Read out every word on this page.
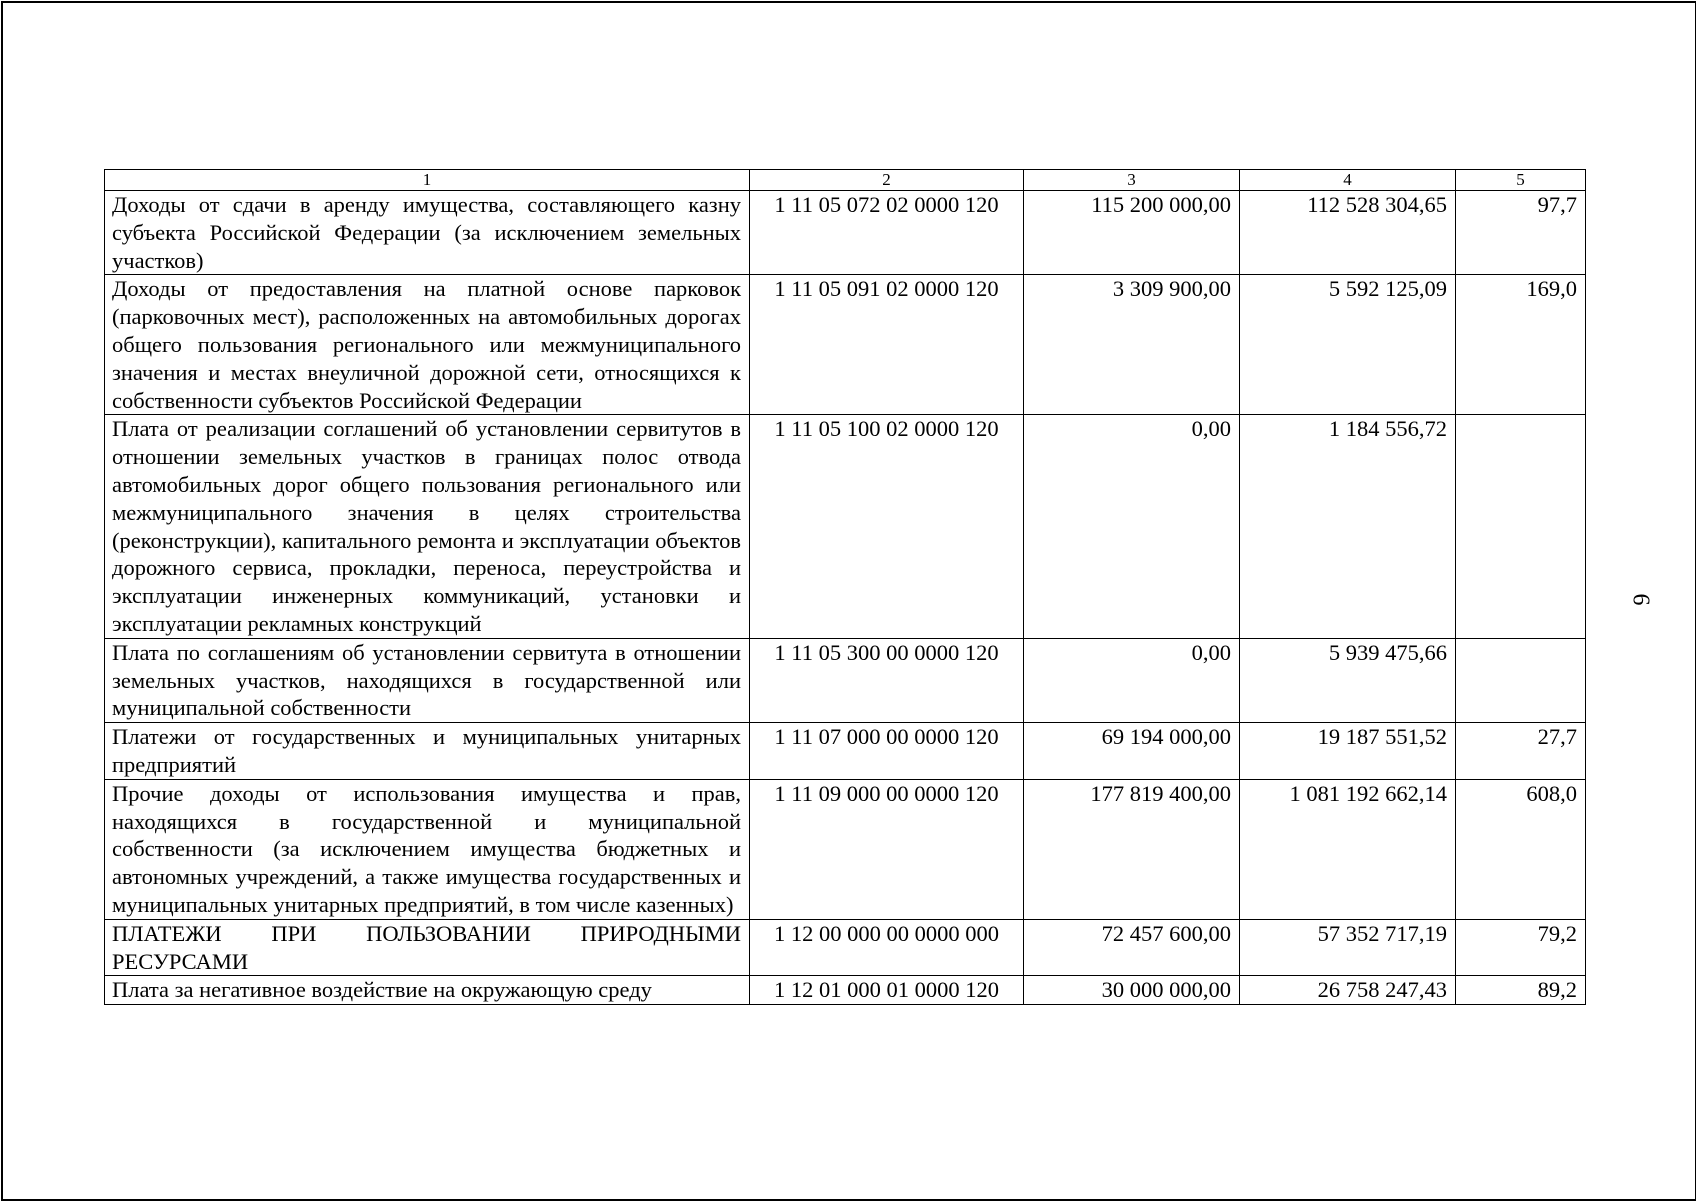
1	2	3	4	5
Доходы от сдачи в аренду имущества, составляющего казну субъекта Российской Федерации (за исключением земельных участков)	1 11 05 072 02 0000 120	115 200 000,00	112 528 304,65	97,7
Доходы от предоставления на платной основе парковок (парковочных мест), расположенных на автомобильных дорогах общего пользования регионального или межмуниципального значения и местах внеуличной дорожной сети, относящихся к собственности субъектов Российской Федерации	1 11 05 091 02 0000 120	3 309 900,00	5 592 125,09	169,0
Плата от реализации соглашений об установлении сервитутов в отношении земельных участков в границах полос отвода автомобильных дорог общего пользования регионального или межмуниципального значения в целях строительства (реконструкции), капитального ремонта и эксплуатации объектов дорожного сервиса, прокладки, переноса, переустройства и эксплуатации инженерных коммуникаций, установки и эксплуатации рекламных конструкций	1 11 05 100 02 0000 120	0,00	1 184 556,72	
Плата по соглашениям об установлении сервитута в отношении земельных участков, находящихся в государственной или муниципальной собственности	1 11 05 300 00 0000 120	0,00	5 939 475,66	
Платежи от государственных и муниципальных унитарных предприятий	1 11 07 000 00 0000 120	69 194 000,00	19 187 551,52	27,7
Прочие доходы от использования имущества и прав, находящихся в государственной и муниципальной собственности (за исключением имущества бюджетных и автономных учреждений, а также имущества государственных и муниципальных унитарных предприятий, в том числе казенных)	1 11 09 000 00 0000 120	177 819 400,00	1 081 192 662,14	608,0
ПЛАТЕЖИ ПРИ ПОЛЬЗОВАНИИ ПРИРОДНЫМИ РЕСУРСАМИ	1 12 00 000 00 0000 000	72 457 600,00	57 352 717,19	79,2
Плата за негативное воздействие на окружающую среду	1 12 01 000 01 0000 120	30 000 000,00	26 758 247,43	89,2
6
